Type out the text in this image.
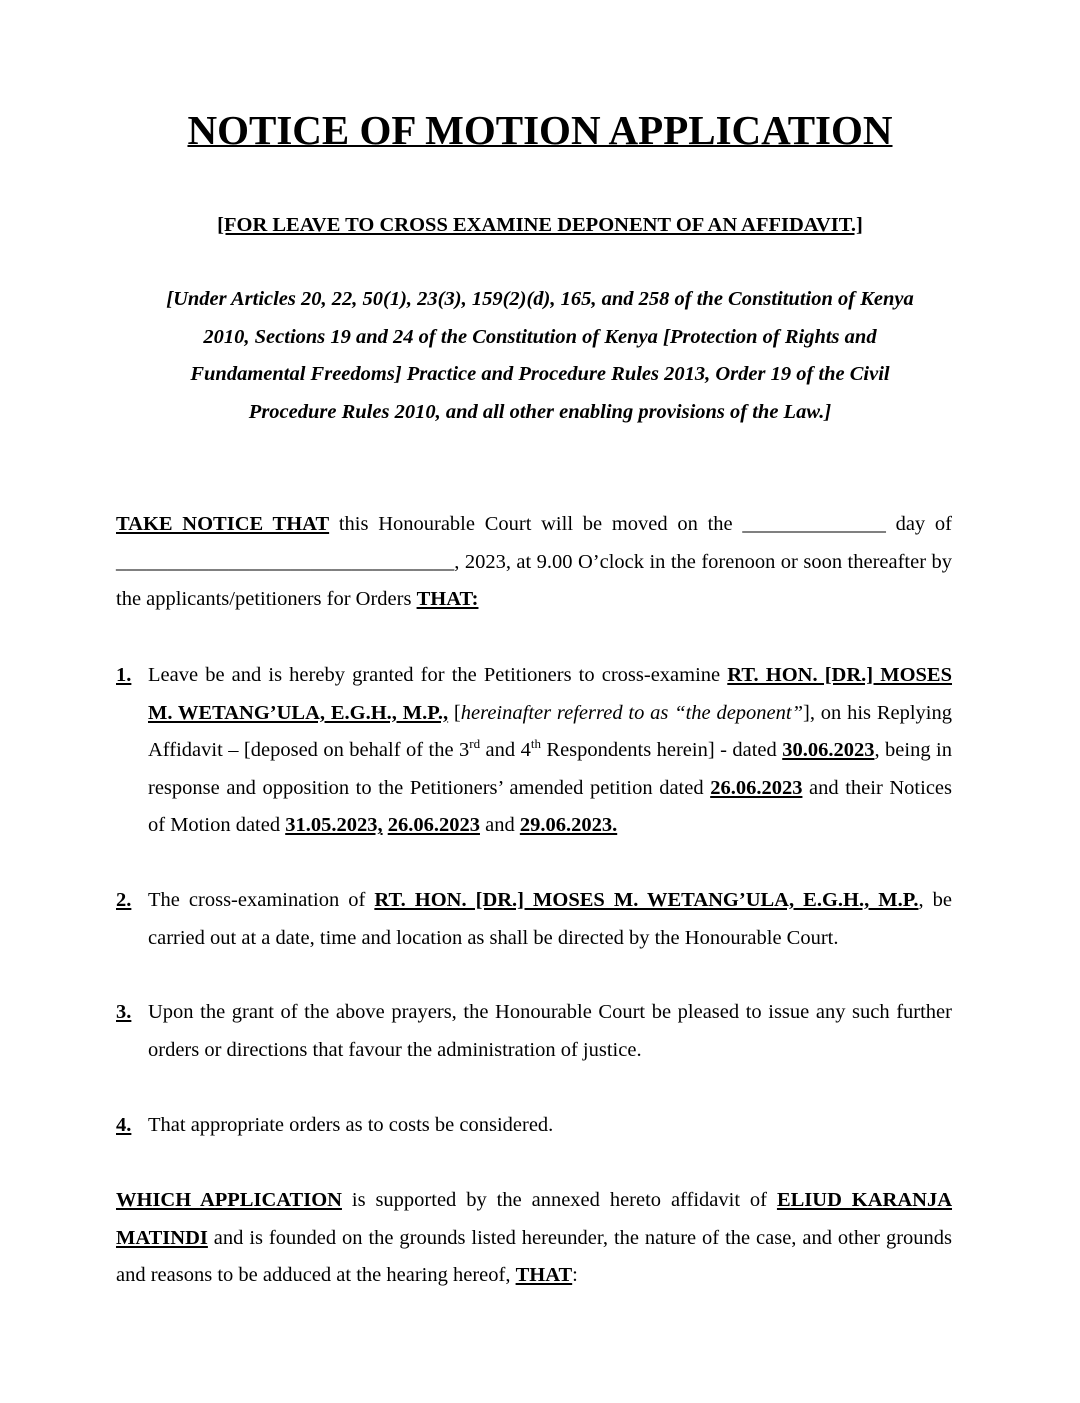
NOTICE OF MOTION APPLICATION
[FOR LEAVE TO CROSS EXAMINE DEPONENT OF AN AFFIDAVIT.]
[Under Articles 20, 22, 50(1), 23(3), 159(2)(d), 165, and 258 of the Constitution of Kenya 2010, Sections 19 and 24 of the Constitution of Kenya [Protection of Rights and Fundamental Freedoms] Practice and Procedure Rules 2013, Order 19 of the Civil Procedure Rules 2010, and all other enabling provisions of the Law.]
TAKE NOTICE THAT this Honourable Court will be moved on the ______________ day of _________________________________, 2023, at 9.00 O’clock in the forenoon or soon thereafter by the applicants/petitioners for Orders THAT:
1. Leave be and is hereby granted for the Petitioners to cross-examine RT. HON. [DR.] MOSES M. WETANG’ULA, E.G.H., M.P., [hereinafter referred to as “the deponent”], on his Replying Affidavit – [deposed on behalf of the 3rd and 4th Respondents herein] - dated 30.06.2023, being in response and opposition to the Petitioners’ amended petition dated 26.06.2023 and their Notices of Motion dated 31.05.2023, 26.06.2023 and 29.06.2023.
2. The cross-examination of RT. HON. [DR.] MOSES M. WETANG’ULA, E.G.H., M.P., be carried out at a date, time and location as shall be directed by the Honourable Court.
3. Upon the grant of the above prayers, the Honourable Court be pleased to issue any such further orders or directions that favour the administration of justice.
4. That appropriate orders as to costs be considered.
WHICH APPLICATION is supported by the annexed hereto affidavit of ELIUD KARANJA MATINDI and is founded on the grounds listed hereunder, the nature of the case, and other grounds and reasons to be adduced at the hearing hereof, THAT:
